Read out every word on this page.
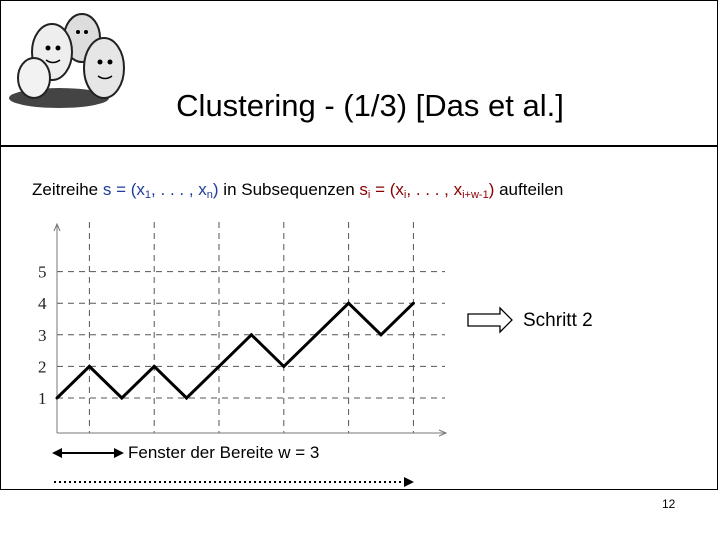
Clustering - (1/3) [Das et al.]
Zeitreihe $s = (x_1$, . . . , $x_n$) in Subsequenzen $s_i = (x_i$, . . . , $x_{i+w-1}$) aufteilen
1
2
3
4
5
Schritt 2
Fenster der Bereite w = 3
12
